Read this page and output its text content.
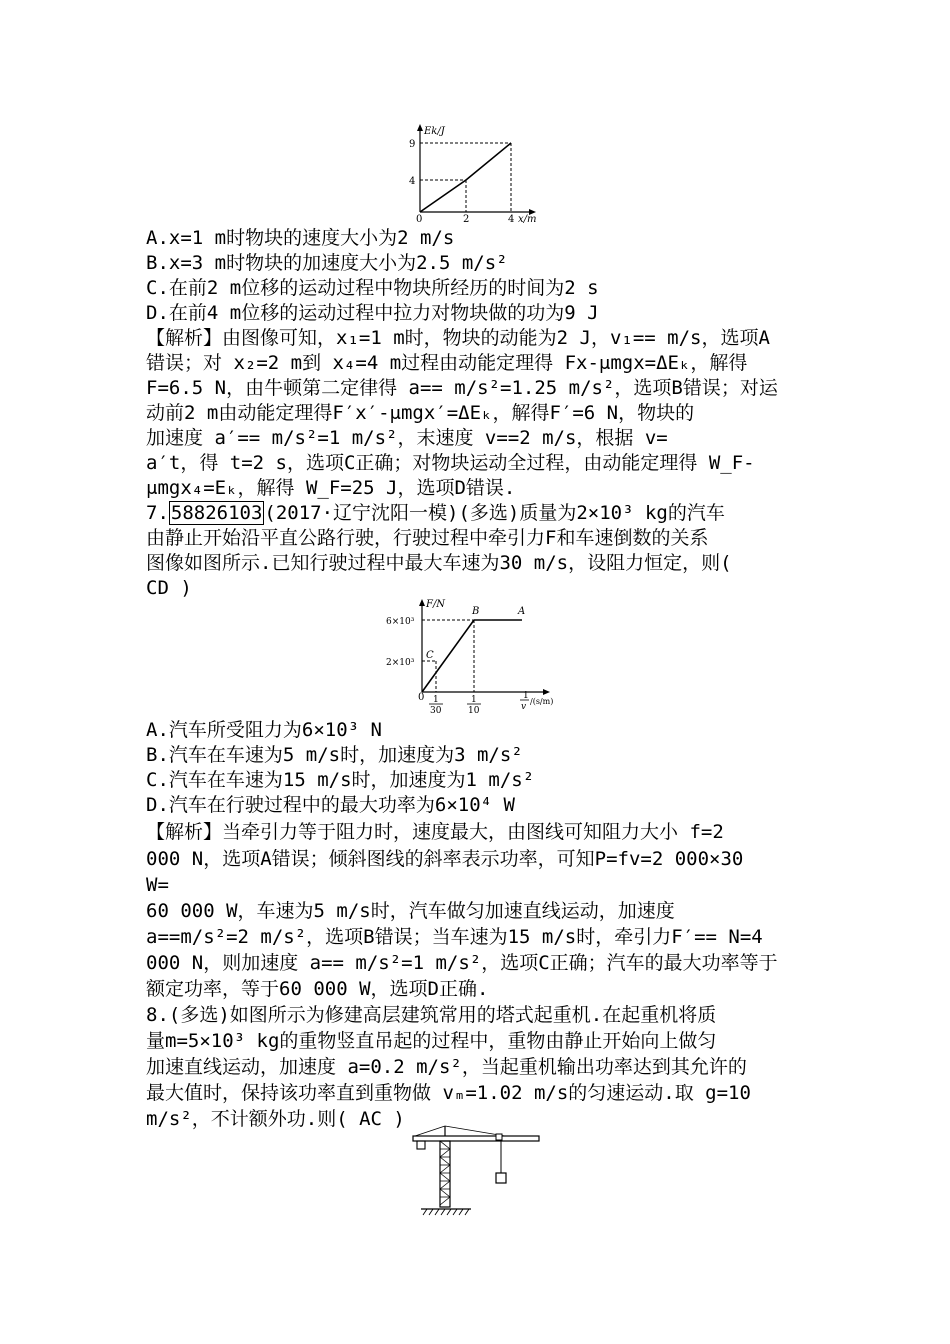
Ek/J
x/m
0
9
4
2	4
A.x=1 m时物块的速度大小为2 m/s
B.x=3 m时物块的加速度大小为2.5 m/s²
C.在前2 m位移的运动过程中物块所经历的时间为2 s
D.在前4 m位移的运动过程中拉力对物块做的功为9 J
【解析】由图像可知，x₁=1 m时，物块的动能为2 J，v₁== m/s，选项A
错误；对 x₂=2 m到 x₄=4 m过程由动能定理得 Fx-μmgx=ΔEₖ，解得
F=6.5 N，由牛顿第二定律得 a== m/s²=1.25 m/s²，选项B错误；对运
动前2 m由动能定理得F′x′-μmgx′=ΔEₖ，解得F′=6 N，物块的
加速度 a′== m/s²=1 m/s²，末速度 v==2 m/s，根据 v=
a′t，得 t=2 s，选项C正确；对物块运动全过程，由动能定理得 W_F-
μmgx₄=Eₖ，解得 W_F=25 J，选项D错误.
7. 58826103 (2017·辽宁沈阳一模)(多选)质量为2×10³ kg的汽车
由静止开始沿平直公路行驶，行驶过程中牵引力F和车速倒数的关系
图像如图所示.已知行驶过程中最大车速为30 m/s，设阻力恒定，则(
CD )
F/N
6×10³
2×10³
0
B	A
C
1
30
1
10
1
v
/(s/m)
A.汽车所受阻力为6×10³ N
B.汽车在车速为5 m/s时，加速度为3 m/s²
C.汽车在车速为15 m/s时，加速度为1 m/s²
D.汽车在行驶过程中的最大功率为6×10⁴ W
【解析】当牵引力等于阻力时，速度最大，由图线可知阻力大小 f=2
000 N，选项A错误；倾斜图线的斜率表示功率，可知P=fv=2 000×30
W=
60 000 W，车速为5 m/s时，汽车做匀加速直线运动，加速度
a==m/s²=2 m/s²，选项B错误；当车速为15 m/s时，牵引力F′== N=4
000 N，则加速度 a== m/s²=1 m/s²，选项C正确；汽车的最大功率等于
额定功率，等于60 000 W，选项D正确.
8.(多选)如图所示为修建高层建筑常用的塔式起重机.在起重机将质
量m=5×10³ kg的重物竖直吊起的过程中，重物由静止开始向上做匀
加速直线运动，加速度 a=0.2 m/s²，当起重机输出功率达到其允许的
最大值时，保持该功率直到重物做 vₘ=1.02 m/s的匀速运动.取 g=10
m/s²，不计额外功.则( AC )
